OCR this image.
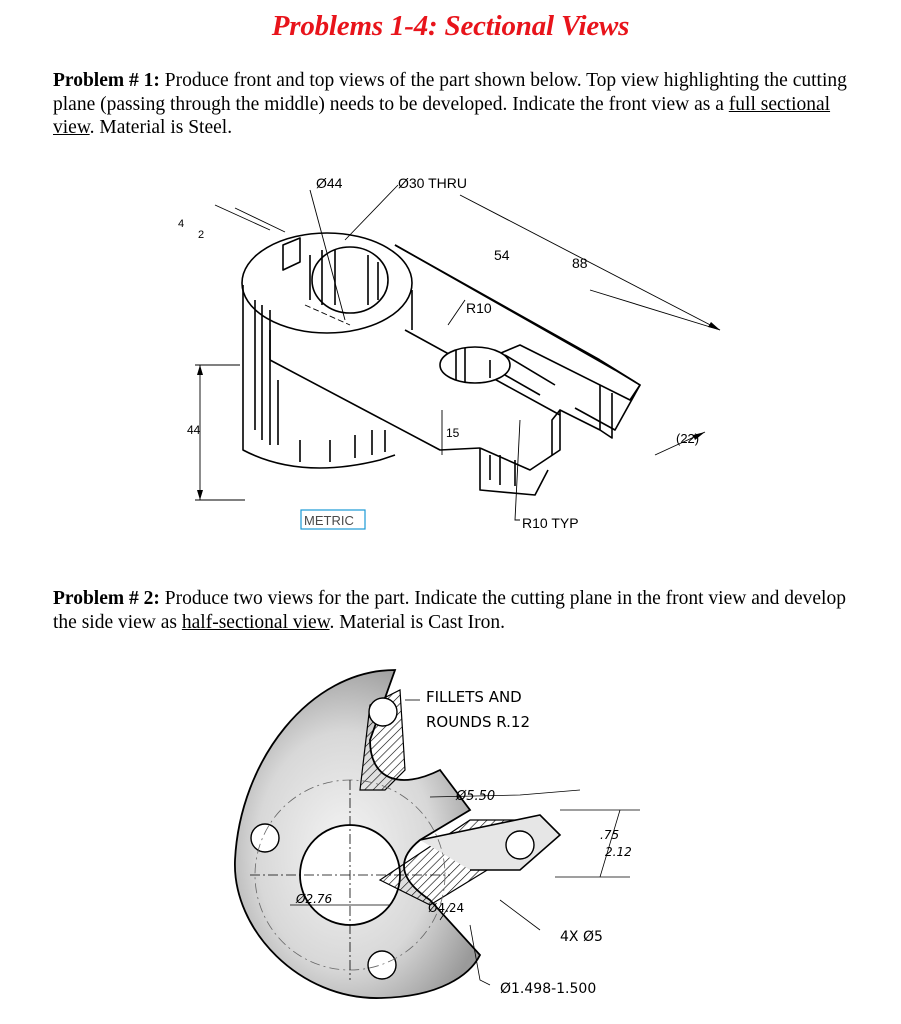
Problems 1-4: Sectional Views
Problem # 1: Produce front and top views of the part shown below. Top view highlighting the cutting plane (passing through the middle) needs to be developed. Indicate the front view as a full sectional view. Material is Steel.
Problem # 2: Produce two views for the part. Indicate the cutting plane in the front view and develop the side view as half-sectional view. Material is Cast Iron.
Ø44	Ø30 THRU
54	88
R10
15
44
(22)
4
2
R10 TYP
METRIC
FILLETS AND
ROUNDS R.12
Ø5.50
.75
2.12
Ø2.76
Ø4.24
4X Ø5
Ø1.498-1.500
